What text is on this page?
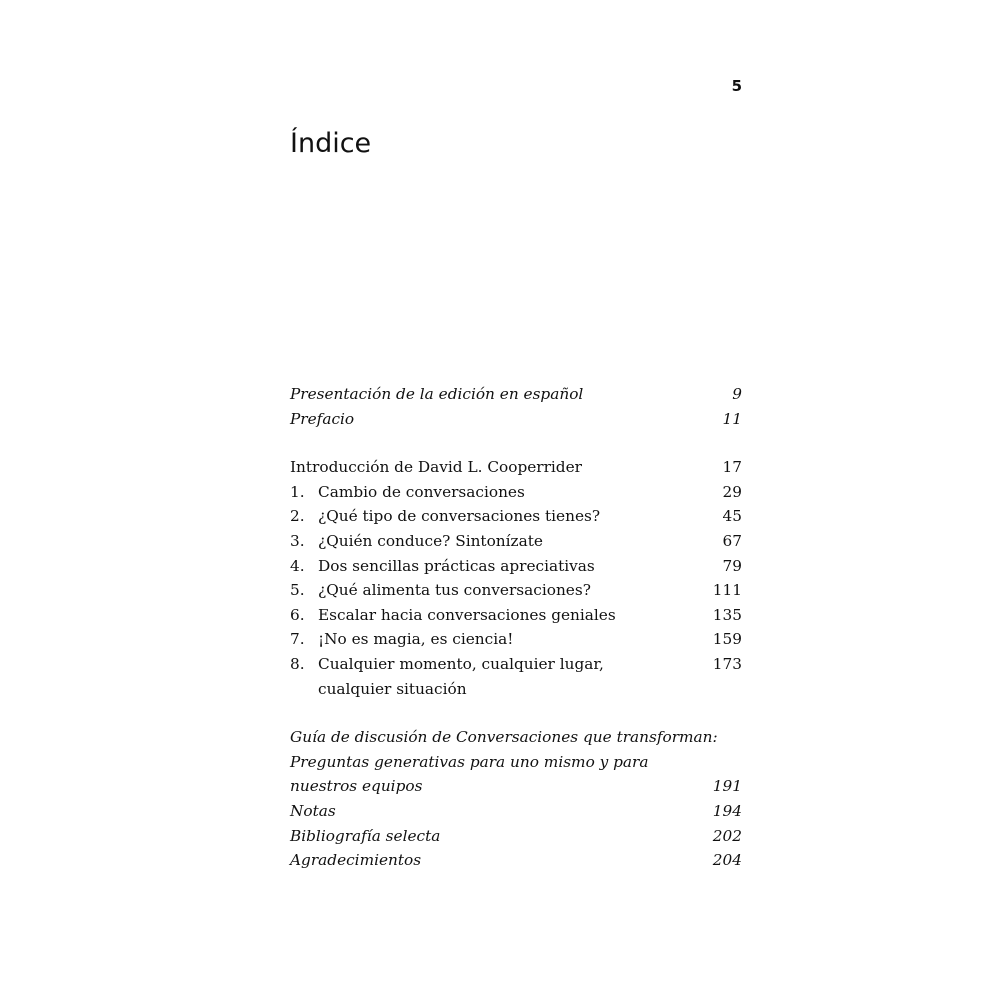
5
Índice
Presentación de la edición en español	9
Prefacio	11
Introducción de David L. Cooperrider	17
1. Cambio de conversaciones	29
2. ¿Qué tipo de conversaciones tienes?	45
3. ¿Quién conduce? Sintonízate	67
4. Dos sencillas prácticas apreciativas	79
5. ¿Qué alimenta tus conversaciones?	111
6. Escalar hacia conversaciones geniales	135
7. ¡No es magia, es ciencia!	159
8. Cualquier momento, cualquier lugar,	173
cualquier situación
Guía de discusión de Conversaciones que transforman:
Preguntas generativas para uno mismo y para
nuestros equipos	191
Notas	194
Bibliografía selecta	202
Agradecimientos	204
